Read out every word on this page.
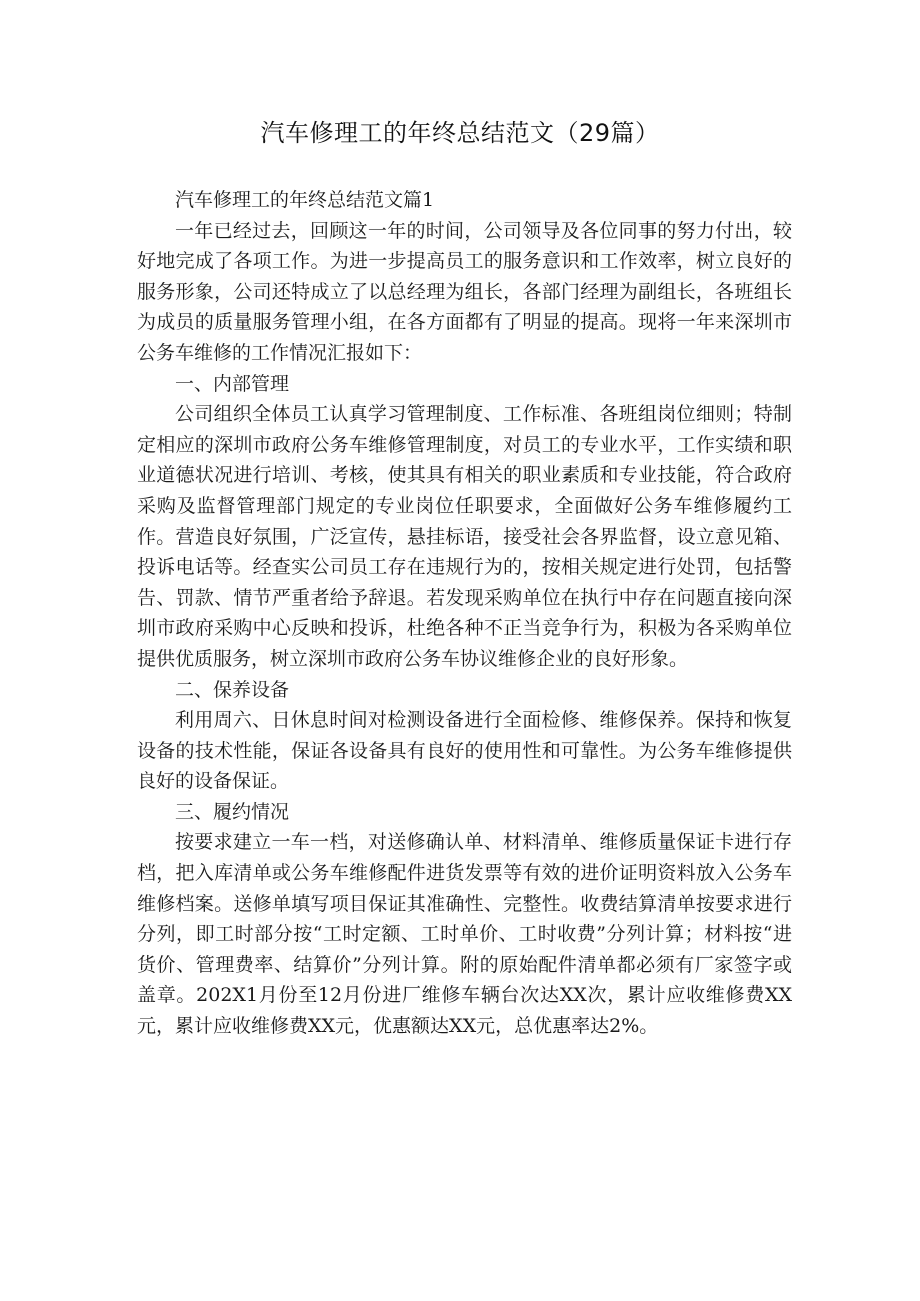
汽车修理工的年终总结范文（29篇）

汽车修理工的年终总结范文篇1

一年已经过去，回顾这一年的时间，公司领导及各位同事的努力付出，较好地完成了各项工作。为进一步提高员工的服务意识和工作效率，树立良好的服务形象，公司还特成立了以总经理为组长，各部门经理为副组长，各班组长为成员的质量服务管理小组，在各方面都有了明显的提高。现将一年来深圳市公务车维修的工作情况汇报如下：

一、内部管理

公司组织全体员工认真学习管理制度、工作标准、各班组岗位细则；特制定相应的深圳市政府公务车维修管理制度，对员工的专业水平，工作实绩和职业道德状况进行培训、考核，使其具有相关的职业素质和专业技能，符合政府采购及监督管理部门规定的专业岗位任职要求，全面做好公务车维修履约工作。营造良好氛围，广泛宣传，悬挂标语，接受社会各界监督，设立意见箱、投诉电话等。经查实公司员工存在违规行为的，按相关规定进行处罚，包括警告、罚款、情节严重者给予辞退。若发现采购单位在执行中存在问题直接向深圳市政府采购中心反映和投诉，杜绝各种不正当竞争行为，积极为各采购单位提供优质服务，树立深圳市政府公务车协议维修企业的良好形象。

二、保养设备

利用周六、日休息时间对检测设备进行全面检修、维修保养。保持和恢复设备的技术性能，保证各设备具有良好的使用性和可靠性。为公务车维修提供良好的设备保证。

三、履约情况

按要求建立一车一档，对送修确认单、材料清单、维修质量保证卡进行存档，把入库清单或公务车维修配件进货发票等有效的进价证明资料放入公务车维修档案。送修单填写项目保证其准确性、完整性。收费结算清单按要求进行分列，即工时部分按“工时定额、工时单价、工时收费”分列计算；材料按“进货价、管理费率、结算价”分列计算。附的原始配件清单都必须有厂家签字或盖章。202X1月份至12月份进厂维修车辆台次达XX次，累计应收维修费XX元，累计应收维修费XX元，优惠额达XX元，总优惠率达2%。
